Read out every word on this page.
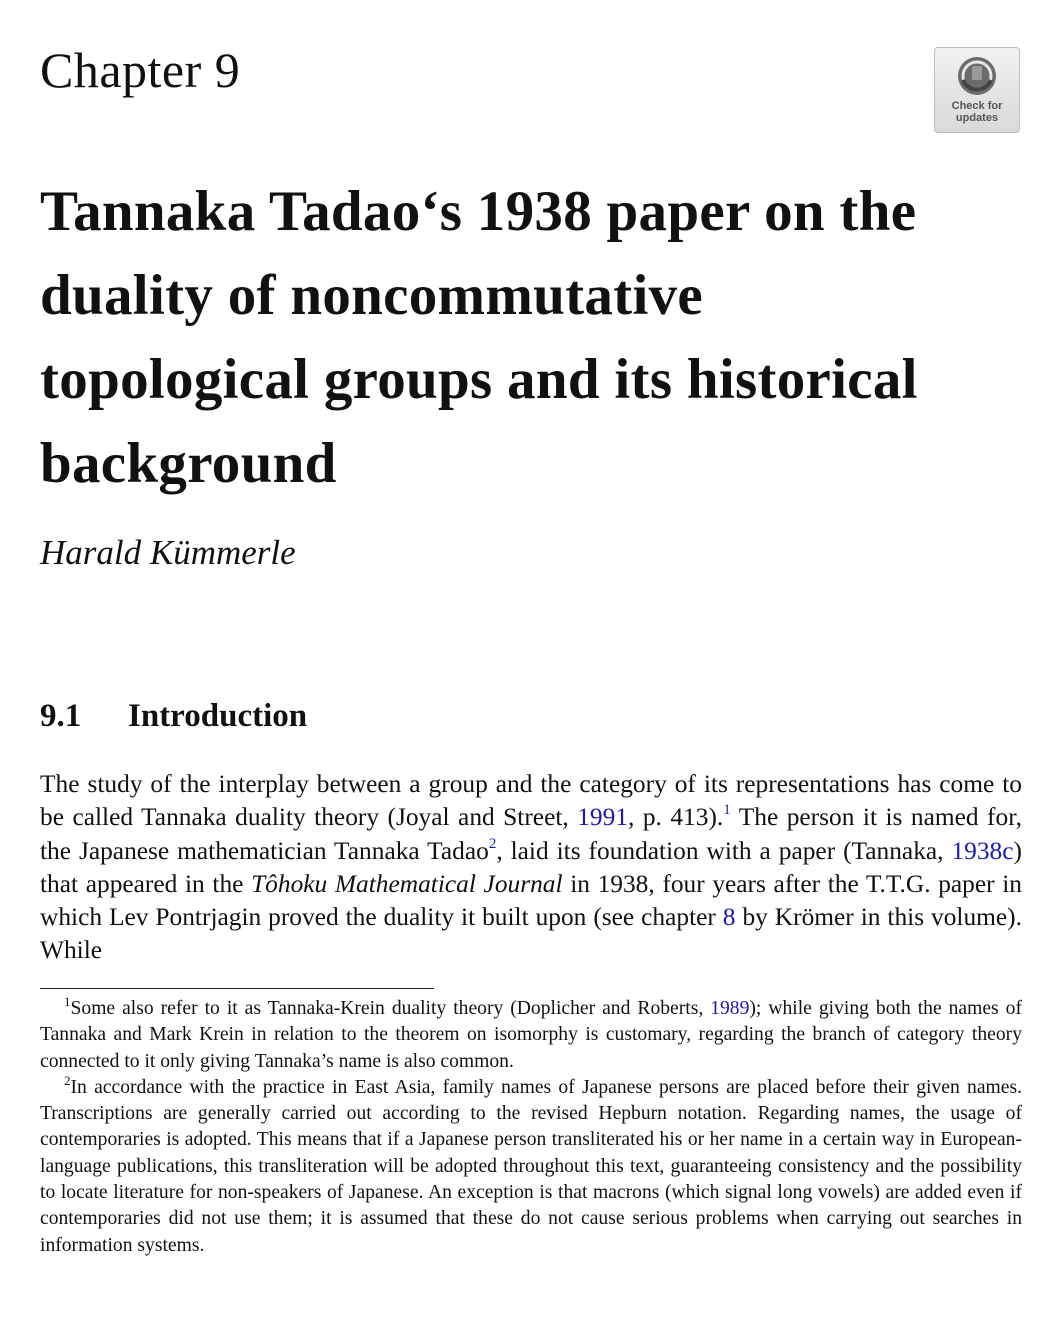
Chapter 9
Check for
updates
Tannaka Tadao‘s 1938 paper on the
duality of noncommutative
topological groups and its historical
background
Harald Kümmerle
9.1 Introduction

The study of the interplay between a group and the category of its representations has come to be called Tannaka duality theory (Joyal and Street, 1991, p. 413).$^1$ The person it is named for, the Japanese mathematician Tannaka Tadao$^2$, laid its foundation with a paper (Tannaka, 1938c) that appeared in the Tôhoku Mathematical Journal in 1938, four years after the T.T.G. paper in which Lev Pontrjagin proved the duality it built upon (see chapter 8 by Krömer in this volume). While

$^1$Some also refer to it as Tannaka-Krein duality theory (Doplicher and Roberts, 1989); while giving both the names of Tannaka and Mark Krein in relation to the theorem on isomorphy is customary, regarding the branch of category theory connected to it only giving Tannaka’s name is also common.

$^2$In accordance with the practice in East Asia, family names of Japanese persons are placed before their given names. Transcriptions are generally carried out according to the revised Hepburn notation. Regarding names, the usage of contemporaries is adopted. This means that if a Japanese person transliterated his or her name in a certain way in European-language publications, this transliteration will be adopted throughout this text, guaranteeing consistency and the possibility to locate literature for non-speakers of Japanese. An exception is that macrons (which signal long vowels) are added even if contemporaries did not use them; it is assumed that these do not cause serious problems when carrying out searches in information systems.
